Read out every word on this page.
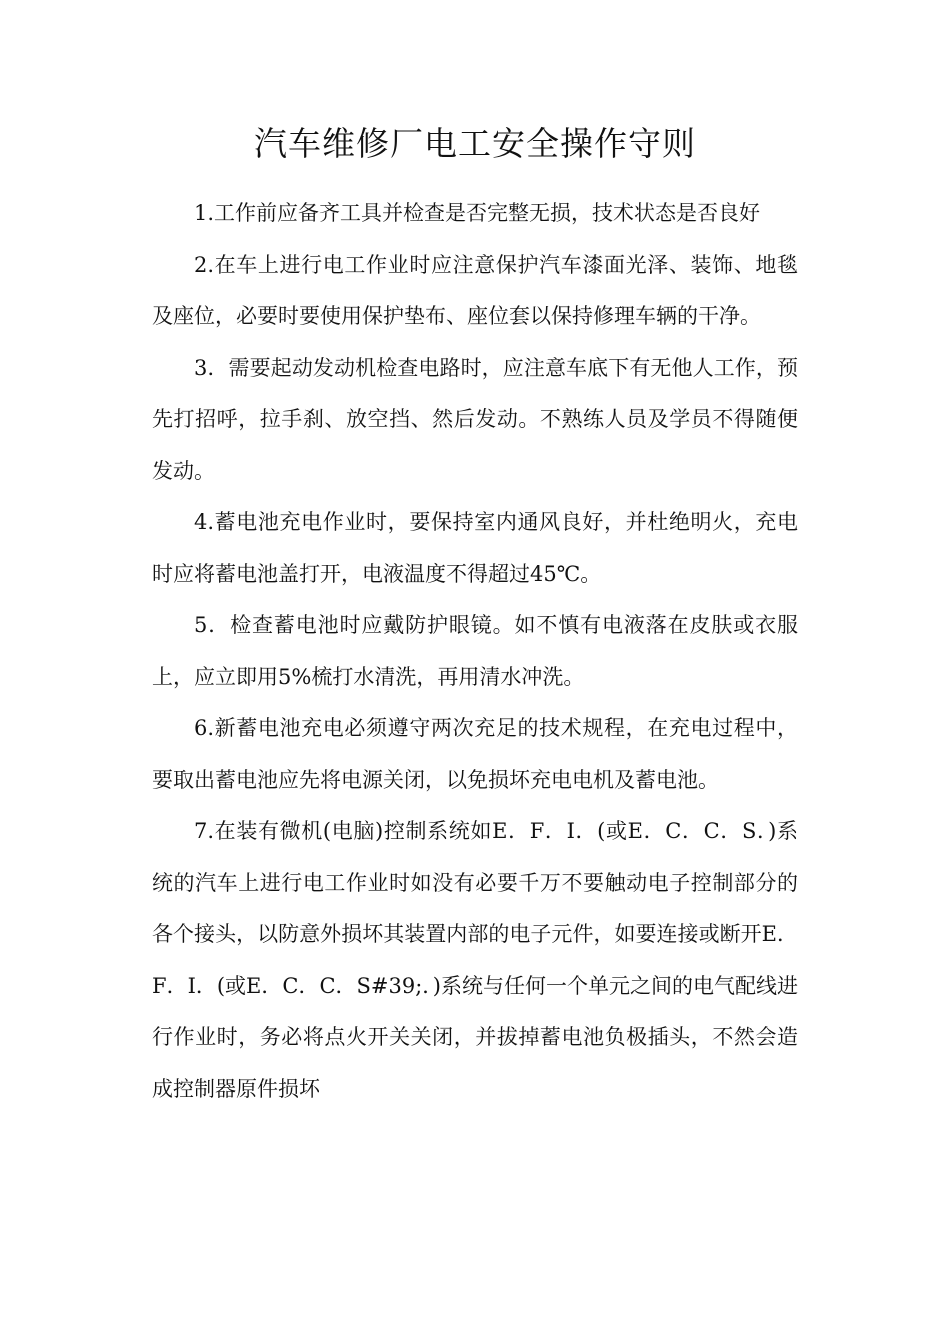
汽车维修厂电工安全操作守则

1.工作前应备齐工具并检查是否完整无损，技术状态是否良好

2.在车上进行电工作业时应注意保护汽车漆面光泽、装饰、地毯及座位，必要时要使用保护垫布、座位套以保持修理车辆的干净。

3．需要起动发动机检查电路时，应注意车底下有无他人工作，预先打招呼，拉手刹、放空挡、然后发动。不熟练人员及学员不得随便发动。

4.蓄电池充电作业时，要保持室内通风良好，并杜绝明火，充电时应将蓄电池盖打开，电液温度不得超过45℃。

5．检查蓄电池时应戴防护眼镜。如不慎有电液落在皮肤或衣服上，应立即用5%梳打水清洗，再用清水冲洗。

6.新蓄电池充电必须遵守两次充足的技术规程，在充电过程中，要取出蓄电池应先将电源关闭，以免损坏充电电机及蓄电池。

7.在装有微机(电脑)控制系统如E．F．I．(或E．C．C．S．)系统的汽车上进行电工作业时如没有必要千万不要触动电子控制部分的各个接头，以防意外损坏其装置内部的电子元件，如要连接或断开E．F．I．(或E．C．C．S#39;．)系统与任何一个单元之间的电气配线进行作业时，务必将点火开关关闭，并拔掉蓄电池负极插头，不然会造成控制器原件损坏
